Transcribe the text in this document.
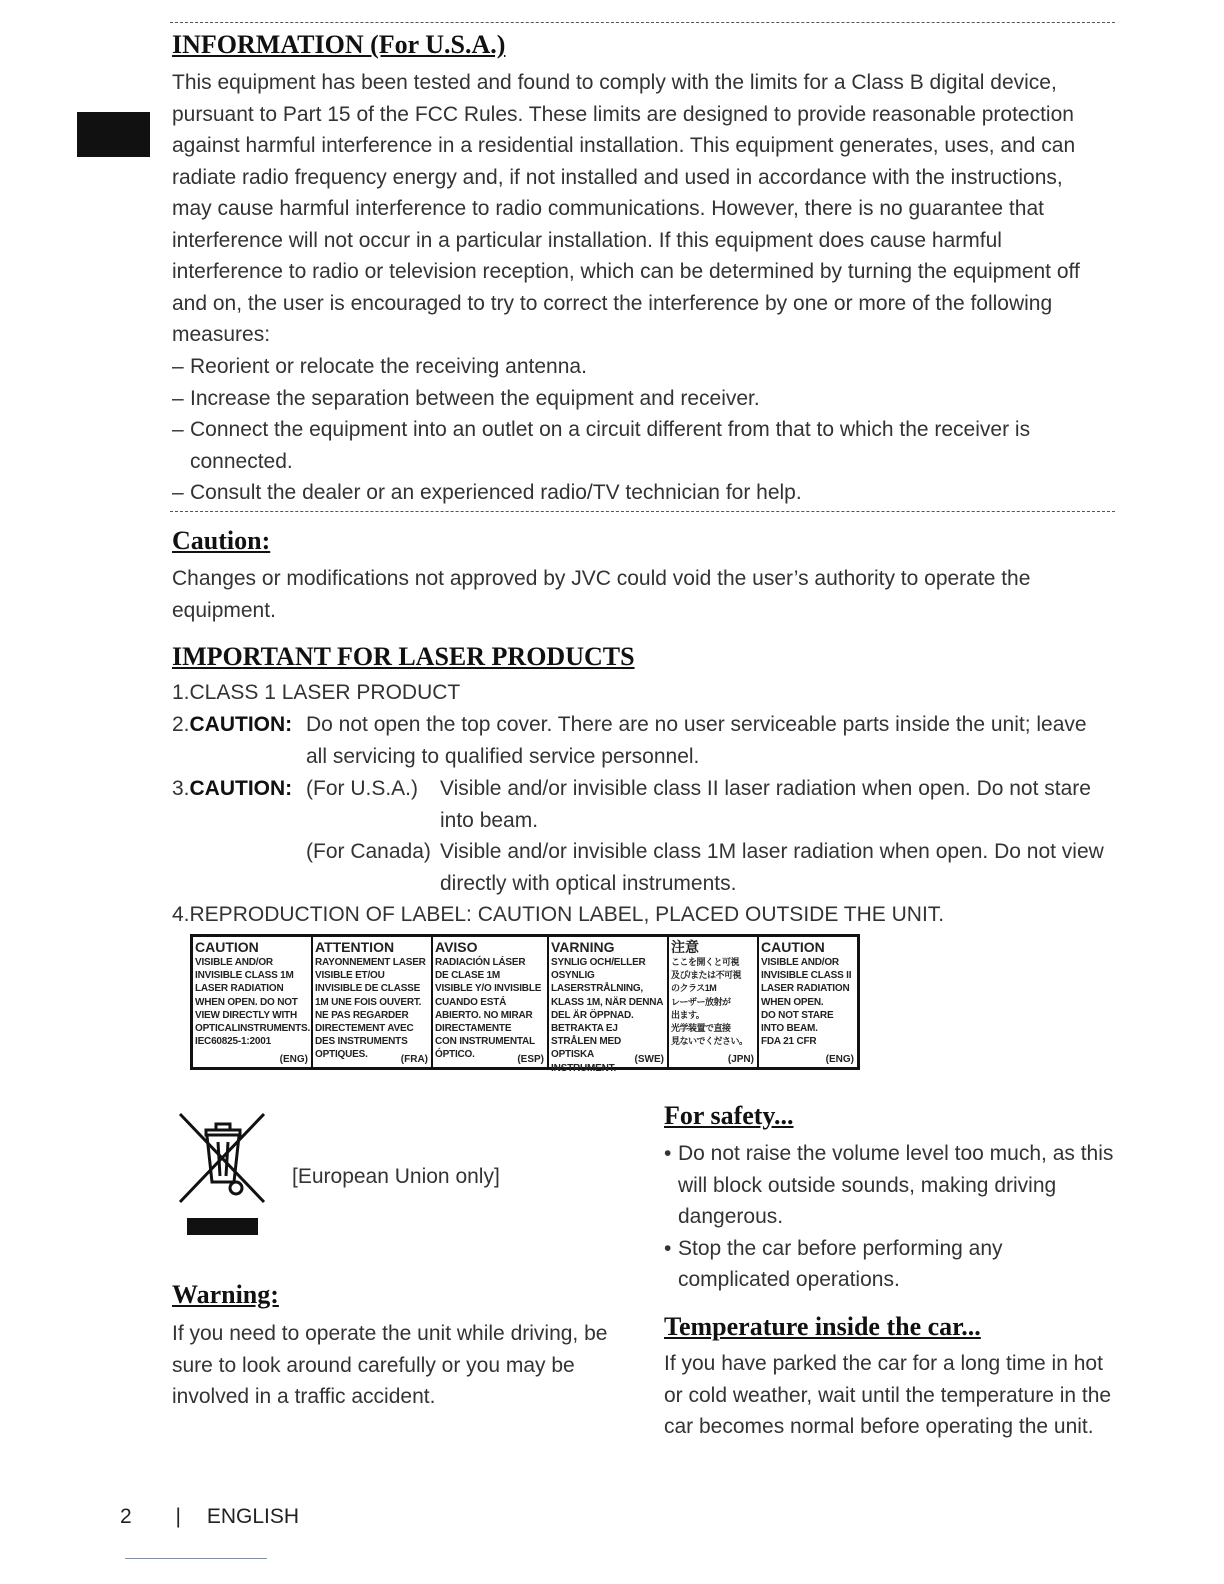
INFORMATION (For U.S.A.)
This equipment has been tested and found to comply with the limits for a Class B digital device, pursuant to Part 15 of the FCC Rules. These limits are designed to provide reasonable protection against harmful interference in a residential installation. This equipment generates, uses, and can radiate radio frequency energy and, if not installed and used in accordance with the instructions, may cause harmful interference to radio communications. However, there is no guarantee that interference will not occur in a particular installation. If this equipment does cause harmful interference to radio or television reception, which can be determined by turning the equipment off and on, the user is encouraged to try to correct the interference by one or more of the following measures:
– Reorient or relocate the receiving antenna.
– Increase the separation between the equipment and receiver.
– Connect the equipment into an outlet on a circuit different from that to which the receiver is connected.
– Consult the dealer or an experienced radio/TV technician for help.
Caution:
Changes or modifications not approved by JVC could void the user’s authority to operate the equipment.
IMPORTANT FOR LASER PRODUCTS
1.CLASS 1 LASER PRODUCT
2.CAUTION: Do not open the top cover. There are no user serviceable parts inside the unit; leave all servicing to qualified service personnel.
3.CAUTION: (For U.S.A.)	Visible and/or invisible class II laser radiation when open. Do not stare into beam.
(For Canada) Visible and/or invisible class 1M laser radiation when open. Do not view directly with optical instruments.
4.REPRODUCTION OF LABEL: CAUTION LABEL, PLACED OUTSIDE THE UNIT.
CAUTION
VISIBLE AND/OR
INVISIBLE CLASS 1M
LASER RADIATION
WHEN OPEN. DO NOT
VIEW DIRECTLY WITH
OPTICALINSTRUMENTS.
IEC60825-1:2001
(ENG)
ATTENTION
RAYONNEMENT LASER
VISIBLE ET/OU
INVISIBLE DE CLASSE
1M UNE FOIS OUVERT.
NE PAS REGARDER
DIRECTEMENT AVEC
DES INSTRUMENTS
OPTIQUES.	(FRA)
AVISO
RADIACIÓN LÁSER
DE CLASE 1M
VISIBLE Y/O INVISIBLE
CUANDO ESTÁ
ABIERTO. NO MIRAR
DIRECTAMENTE
CON INSTRUMENTAL
ÓPTICO.	(ESP)
VARNING
SYNLIG OCH/ELLER
OSYNLIG
LASERSTRÅLNING,
KLASS 1M, NÄR DENNA
DEL ÄR ÖPPNAD.
BETRAKTA EJ
STRÅLEN MED OPTISKA
INSTRUMENT.
(SWE)
注意
ここを開くと可視
及び/または不可視
のクラス1M
レーザー放射が
出ます。
光学装置で直接
見ないでください。
(JPN)
CAUTION
VISIBLE AND/OR
INVISIBLE CLASS II
LASER RADIATION
WHEN OPEN.
DO NOT STARE
INTO BEAM.
FDA 21 CFR
(ENG)
[European Union only]
Warning:
If you need to operate the unit while driving, be sure to look around carefully or you may be involved in a traffic accident.
For safety...
• Do not raise the volume level too much, as this will block outside sounds, making driving dangerous.
• Stop the car before performing any complicated operations.
Temperature inside the car...
If you have parked the car for a long time in hot or cold weather, wait until the temperature in the car becomes normal before operating the unit.
2 | ENGLISH
